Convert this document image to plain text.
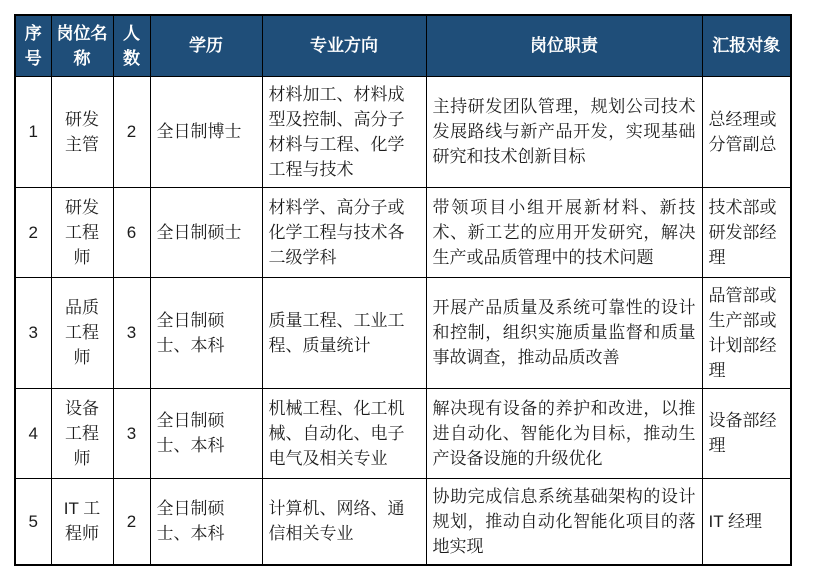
序号	岗位名称	人数	学历	专业方向	岗位职责	汇报对象
1	研发主管	2	全日制博士	材料加工、材料成型及控制、高分子材料与工程、化学工程与技术	主持研发团队管理，规划公司技术发展路线与新产品开发，实现基础研究和技术创新目标	总经理或分管副总
2	研发工程师	6	全日制硕士	材料学、高分子或化学工程与技术各二级学科	带领项目小组开展新材料、新技术、新工艺的应用开发研究，解决生产或品质管理中的技术问题	技术部或研发部经理
3	品质工程师	3	全日制硕士、本科	质量工程、工业工程、质量统计	开展产品质量及系统可靠性的设计和控制，组织实施质量监督和质量事故调查，推动品质改善	品管部或生产部或计划部经理
4	设备工程师	3	全日制硕士、本科	机械工程、化工机械、自动化、电子电气及相关专业	解决现有设备的养护和改进，以推进自动化、智能化为目标，推动生产设备设施的升级优化	设备部经理
5	IT 工程师	2	全日制硕士、本科	计算机、网络、通信相关专业	协助完成信息系统基础架构的设计规划，推动自动化智能化项目的落地实现	IT 经理
